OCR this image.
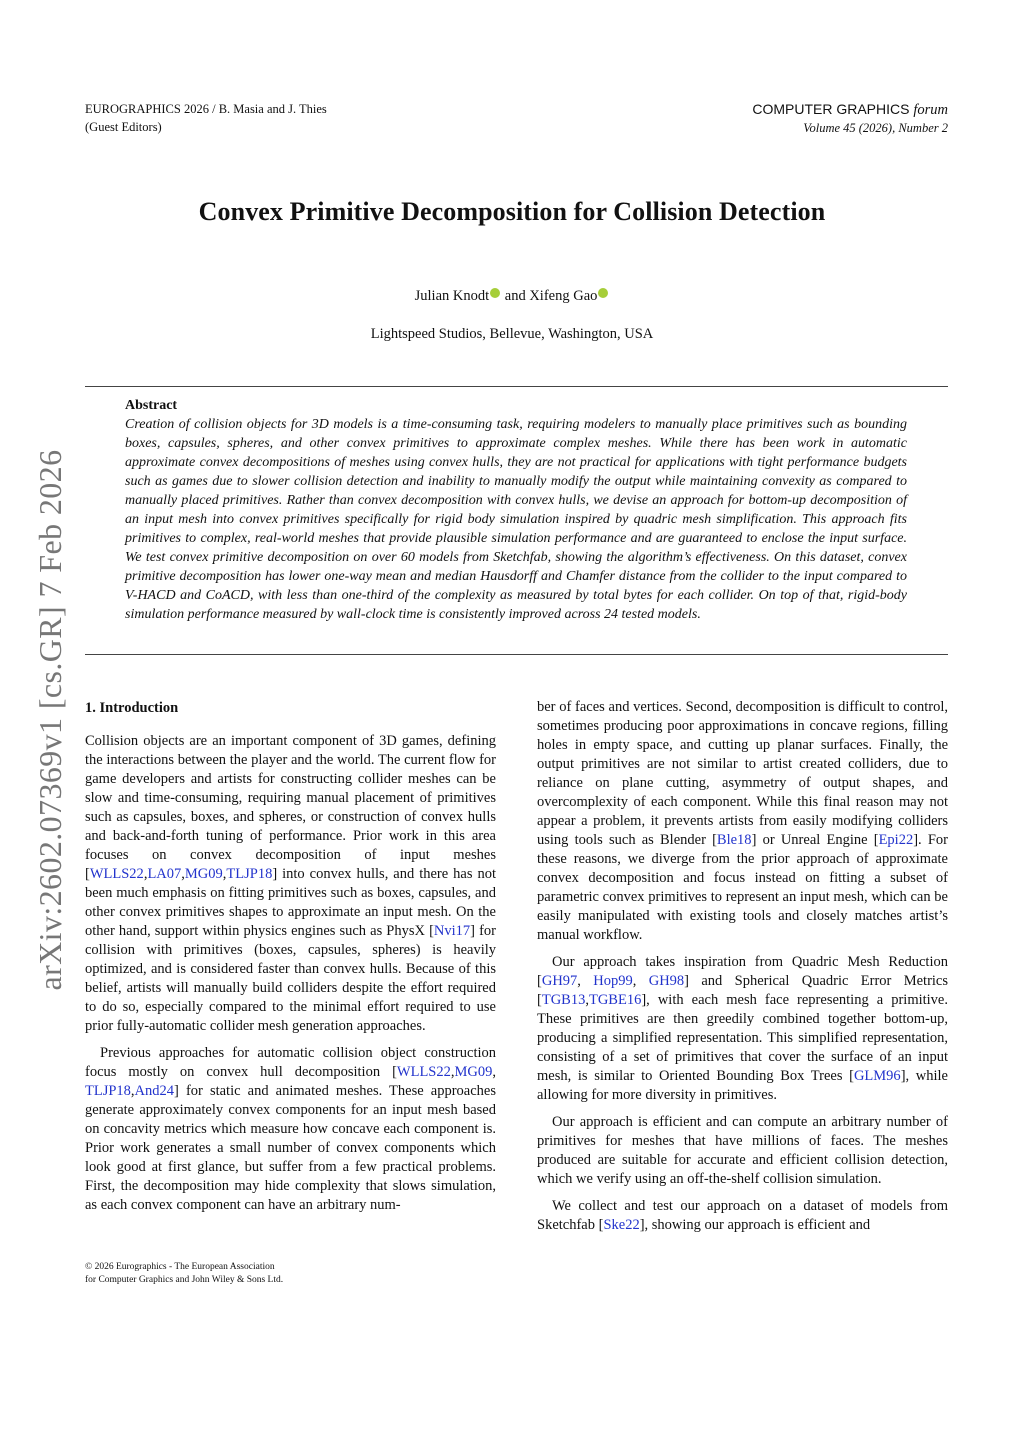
EUROGRAPHICS 2026 / B. Masia and J. Thies
(Guest Editors)
COMPUTER GRAPHICS forum
Volume 45 (2026), Number 2
Convex Primitive Decomposition for Collision Detection
Julian Knodt and Xifeng Gao
Lightspeed Studios, Bellevue, Washington, USA
Abstract

Creation of collision objects for 3D models is a time-consuming task, requiring modelers to manually place primitives such as bounding boxes, capsules, spheres, and other convex primitives to approximate complex meshes. While there has been work in automatic approximate convex decompositions of meshes using convex hulls, they are not practical for applications with tight performance budgets such as games due to slower collision detection and inability to manually modify the output while maintaining convexity as compared to manually placed primitives. Rather than convex decomposition with convex hulls, we devise an approach for bottom-up decomposition of an input mesh into convex primitives specifically for rigid body simulation inspired by quadric mesh simplification. This approach fits primitives to complex, real-world meshes that provide plausible simulation performance and are guaranteed to enclose the input surface. We test convex primitive decomposition on over 60 models from Sketchfab, showing the algorithm’s effectiveness. On this dataset, convex primitive decomposition has lower one-way mean and median Hausdorff and Chamfer distance from the collider to the input compared to V-HACD and CoACD, with less than one-third of the complexity as measured by total bytes for each collider. On top of that, rigid-body simulation performance measured by wall-clock time is consistently improved across 24 tested models.

arXiv:2602.07369v1 [cs.GR] 7 Feb 2026 1. Introduction

Collision objects are an important component of 3D games, defining the interactions between the player and the world. The current flow for game developers and artists for constructing collider meshes can be slow and time-consuming, requiring manual placement of primitives such as capsules, boxes, and spheres, or construction of convex hulls and back-and-forth tuning of performance. Prior work in this area focuses on convex decomposition of input meshes [WLLS22,LA07,MG09,TLJP18] into convex hulls, and there has not been much emphasis on fitting primitives such as boxes, capsules, and other convex primitives shapes to approximate an input mesh. On the other hand, support within physics engines such as PhysX [Nvi17] for collision with primitives (boxes, capsules, spheres) is heavily optimized, and is considered faster than convex hulls. Because of this belief, artists will manually build colliders despite the effort required to do so, especially compared to the minimal effort required to use prior fully-automatic collider mesh generation approaches.

Previous approaches for automatic collision object construction focus mostly on convex hull decomposition [WLLS22,MG09, TLJP18,And24] for static and animated meshes. These approaches generate approximately convex components for an input mesh based on concavity metrics which measure how concave each component is. Prior work generates a small number of convex components which look good at first glance, but suffer from a few practical problems. First, the decomposition may hide complexity that slows simulation, as each convex component can have an arbitrary num-

ber of faces and vertices. Second, decomposition is difficult to control, sometimes producing poor approximations in concave regions, filling holes in empty space, and cutting up planar surfaces. Finally, the output primitives are not similar to artist created colliders, due to reliance on plane cutting, asymmetry of output shapes, and overcomplexity of each component. While this final reason may not appear a problem, it prevents artists from easily modifying colliders using tools such as Blender [Ble18] or Unreal Engine [Epi22]. For these reasons, we diverge from the prior approach of approximate convex decomposition and focus instead on fitting a subset of parametric convex primitives to represent an input mesh, which can be easily manipulated with existing tools and closely matches artist’s manual workflow.

Our approach takes inspiration from Quadric Mesh Reduction [GH97, Hop99, GH98] and Spherical Quadric Error Metrics [TGB13,TGBE16], with each mesh face representing a primitive. These primitives are then greedily combined together bottom-up, producing a simplified representation. This simplified representation, consisting of a set of primitives that cover the surface of an input mesh, is similar to Oriented Bounding Box Trees [GLM96], while allowing for more diversity in primitives.

Our approach is efficient and can compute an arbitrary number of primitives for meshes that have millions of faces. The meshes produced are suitable for accurate and efficient collision detection, which we verify using an off-the-shelf collision simulation.

We collect and test our approach on a dataset of models from Sketchfab [Ske22], showing our approach is efficient and

© 2026 Eurographics - The European Association
for Computer Graphics and John Wiley & Sons Ltd.
